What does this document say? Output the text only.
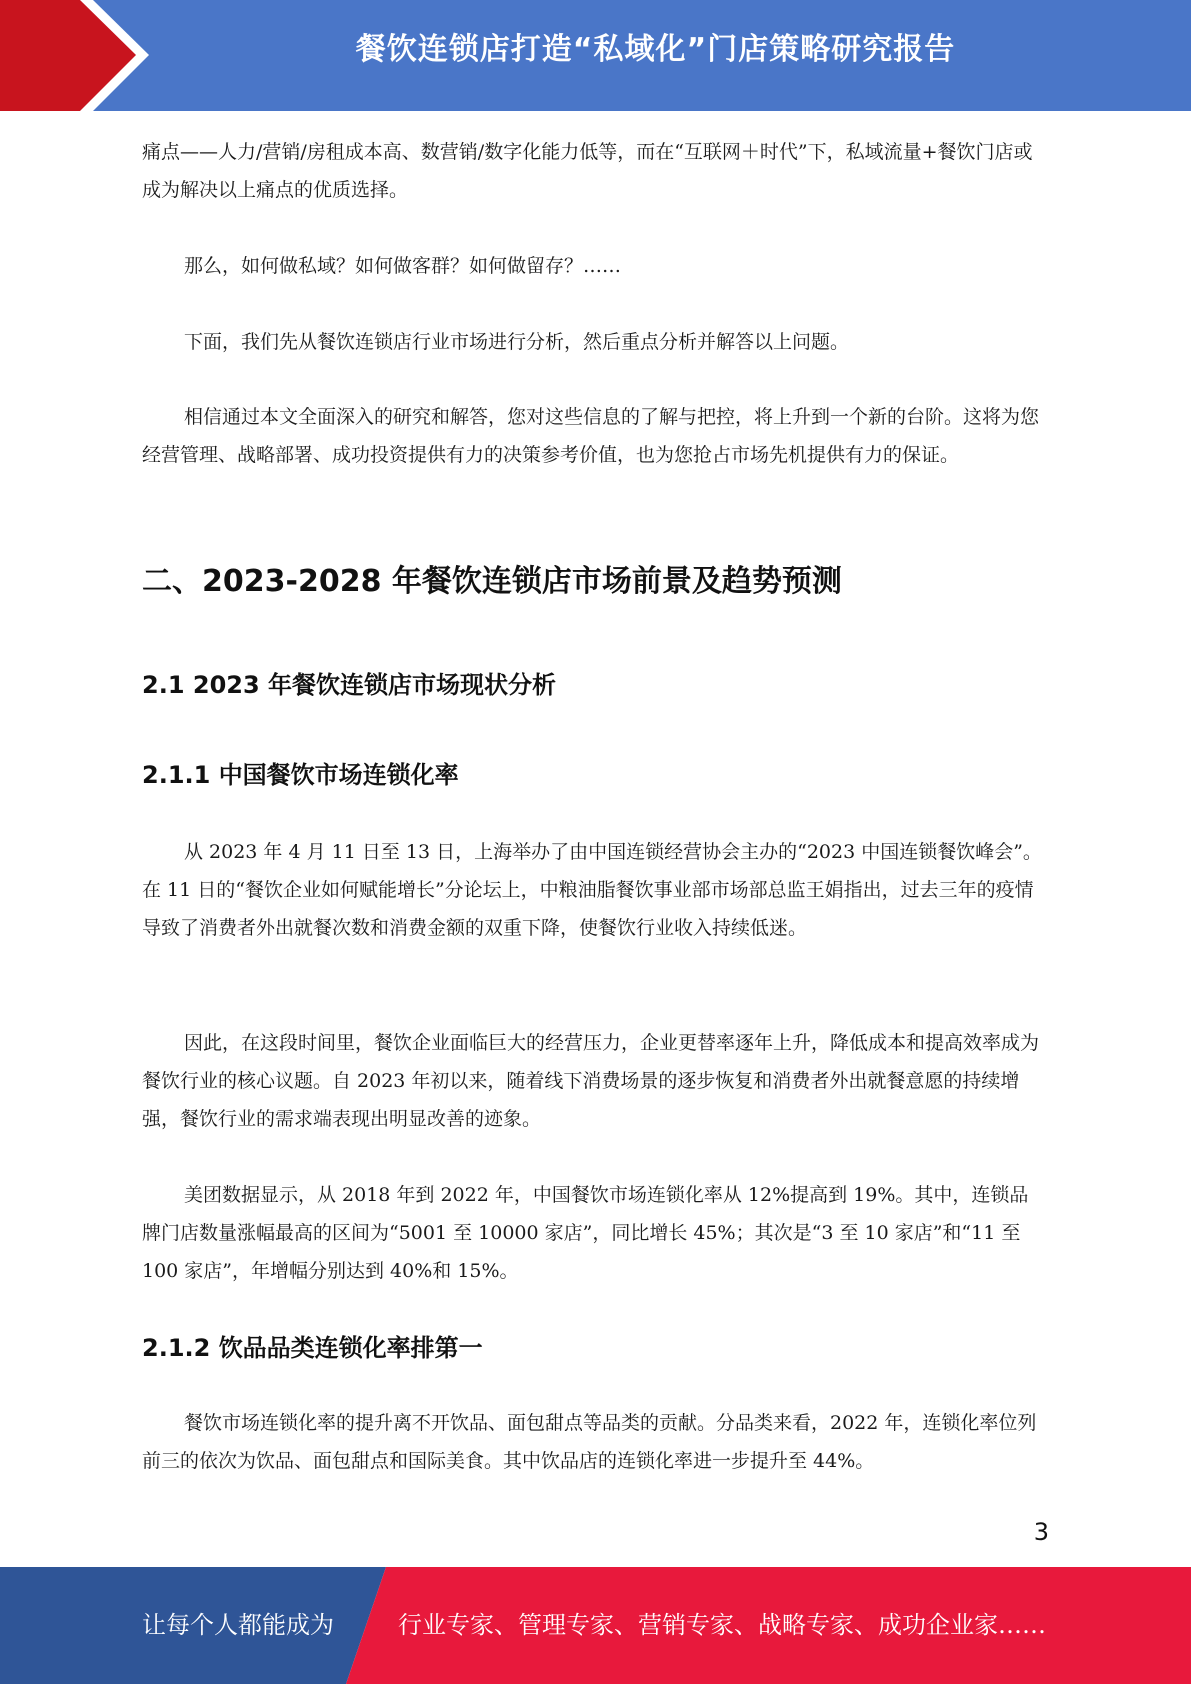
餐饮连锁店打造“私域化”门店策略研究报告

痛点——人力/营销/房租成本高、数营销/数字化能力低等，而在“互联网＋时代”下，私域流量+餐饮门店或成为解决以上痛点的优质选择。

那么，如何做私域？如何做客群？如何做留存？……

下面，我们先从餐饮连锁店行业市场进行分析，然后重点分析并解答以上问题。

相信通过本文全面深入的研究和解答，您对这些信息的了解与把控，将上升到一个新的台阶。这将为您经营管理、战略部署、成功投资提供有力的决策参考价值，也为您抢占市场先机提供有力的保证。

二、2023-2028 年餐饮连锁店市场前景及趋势预测
2.1 2023 年餐饮连锁店市场现状分析
2.1.1 中国餐饮市场连锁化率

从 2023 年 4 月 11 日至 13 日，上海举办了由中国连锁经营协会主办的“2023 中国连锁餐饮峰会”。在 11 日的“餐饮企业如何赋能增长”分论坛上，中粮油脂餐饮事业部市场部总监王娟指出，过去三年的疫情导致了消费者外出就餐次数和消费金额的双重下降，使餐饮行业收入持续低迷。

因此，在这段时间里，餐饮企业面临巨大的经营压力，企业更替率逐年上升，降低成本和提高效率成为餐饮行业的核心议题。自 2023 年初以来，随着线下消费场景的逐步恢复和消费者外出就餐意愿的持续增强，餐饮行业的需求端表现出明显改善的迹象。

美团数据显示，从 2018 年到 2022 年，中国餐饮市场连锁化率从 12%提高到 19%。其中，连锁品牌门店数量涨幅最高的区间为“5001 至 10000 家店”，同比增长 45%；其次是“3 至 10 家店”和“11 至 100 家店”，年增幅分别达到 40%和 15%。

2.1.2 饮品品类连锁化率排第一

餐饮市场连锁化率的提升离不开饮品、面包甜点等品类的贡献。分品类来看，2022 年，连锁化率位列前三的依次为饮品、面包甜点和国际美食。其中饮品店的连锁化率进一步提升至 44%。

3
让每个人都能成为	行业专家、管理专家、营销专家、战略专家、成功企业家……
